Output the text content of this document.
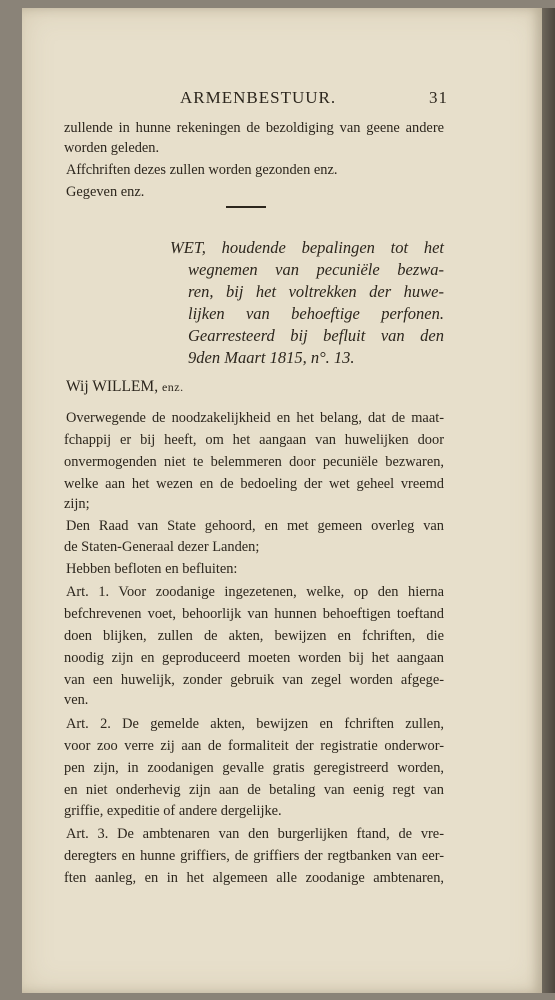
ARMENBESTUUR.	31
zullende in hunne rekeningen de bezoldiging van geene andere
worden geleden.
Affchriften dezes zullen worden gezonden enz.
Gegeven enz.
WET, houdende bepalingen tot het
wegnemen van pecuniële bezwa-
ren, bij het voltrekken der huwe-
lijken van behoeftige perfonen.
Gearresteerd bij befluit van den
9den Maart 1815, n°. 13.
Wij WILLEM, enz.
Overwegende de noodzakelijkheid en het belang, dat de maat-
fchappij er bij heeft, om het aangaan van huwelijken door
onvermogenden niet te belemmeren door pecuniële bezwaren,
welke aan het wezen en de bedoeling der wet geheel vreemd
zijn;
Den Raad van State gehoord, en met gemeen overleg van
de Staten-Generaal dezer Landen;
Hebben befloten en befluiten:
Art. 1. Voor zoodanige ingezetenen, welke, op den hierna
befchrevenen voet, behoorlijk van hunnen behoeftigen toeftand
doen blijken, zullen de akten, bewijzen en fchriften, die
noodig zijn en geproduceerd moeten worden bij het aangaan
van een huwelijk, zonder gebruik van zegel worden afgege-
ven.
Art. 2. De gemelde akten, bewijzen en fchriften zullen,
voor zoo verre zij aan de formaliteit der registratie onderwor-
pen zijn, in zoodanigen gevalle gratis geregistreerd worden,
en niet onderhevig zijn aan de betaling van eenig regt van
griffie, expeditie of andere dergelijke.
Art. 3. De ambtenaren van den burgerlijken ftand, de vre-
deregters en hunne griffiers, de griffiers der regtbanken van eer-
ften aanleg, en in het algemeen alle zoodanige ambtenaren,
